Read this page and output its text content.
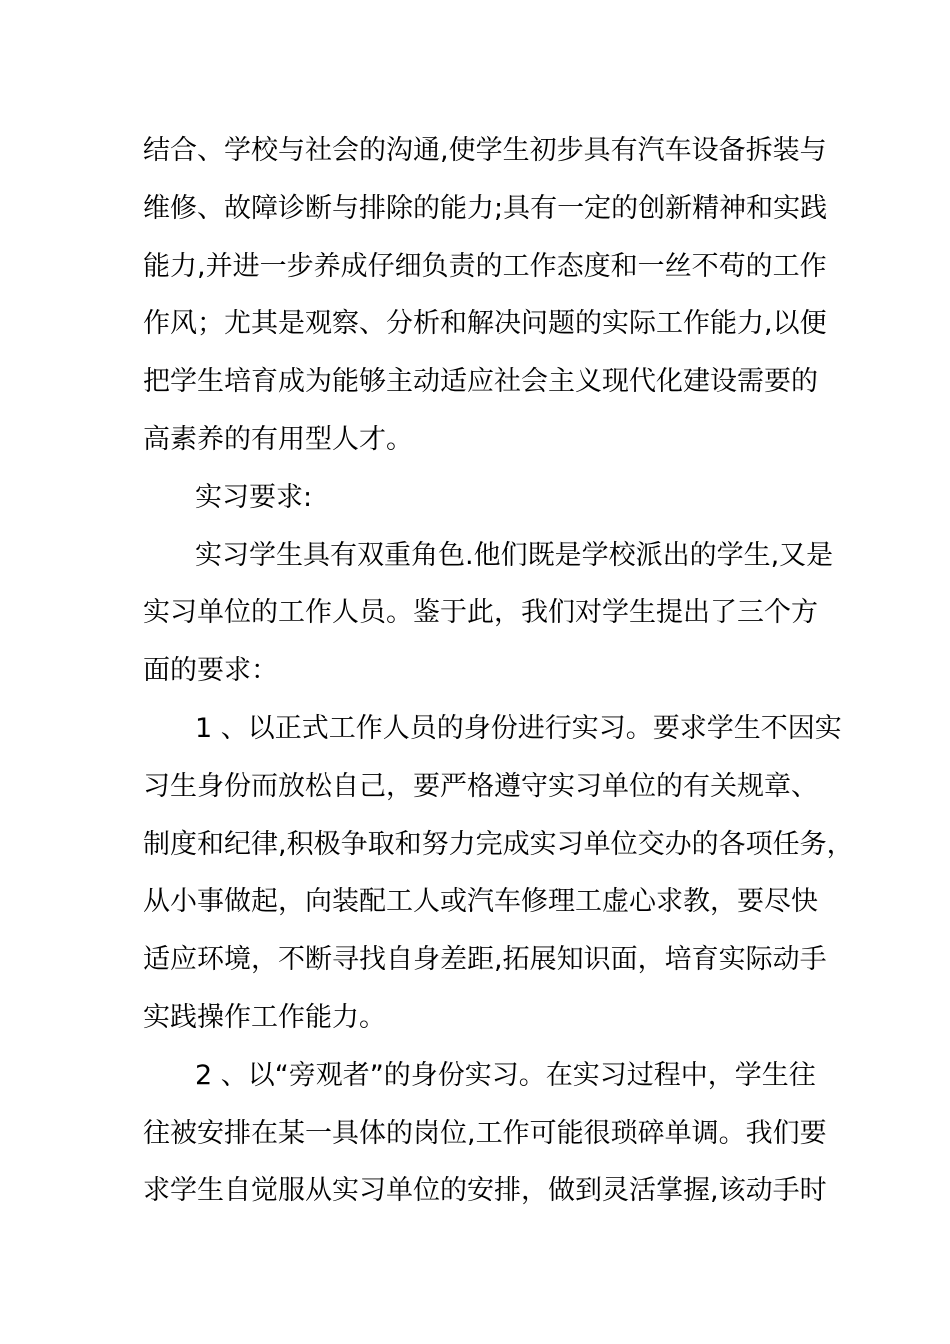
结合、学校与社会的沟通,使学生初步具有汽车设备拆装与
维修、故障诊断与排除的能力;具有一定的创新精神和实践
能力,并进一步养成仔细负责的工作态度和一丝不苟的工作
作风；尤其是观察、分析和解决问题的实际工作能力,以便
把学生培育成为能够主动适应社会主义现代化建设需要的
高素养的有用型人才。
实习要求:
实习学生具有双重角色.他们既是学校派出的学生,又是
实习单位的工作人员。鉴于此，我们对学生提出了三个方
面的要求：
1 、以正式工作人员的身份进行实习。要求学生不因实
习生身份而放松自己，要严格遵守实习单位的有关规章、
制度和纪律,积极争取和努力完成实习单位交办的各项任务，
从小事做起，向装配工人或汽车修理工虚心求教，要尽快
适应环境，不断寻找自身差距,拓展知识面，培育实际动手
实践操作工作能力。
2 、以“旁观者”的身份实习。在实习过程中，学生往
往被安排在某一具体的岗位,工作可能很琐碎单调。我们要
求学生自觉服从实习单位的安排，做到灵活掌握,该动手时
